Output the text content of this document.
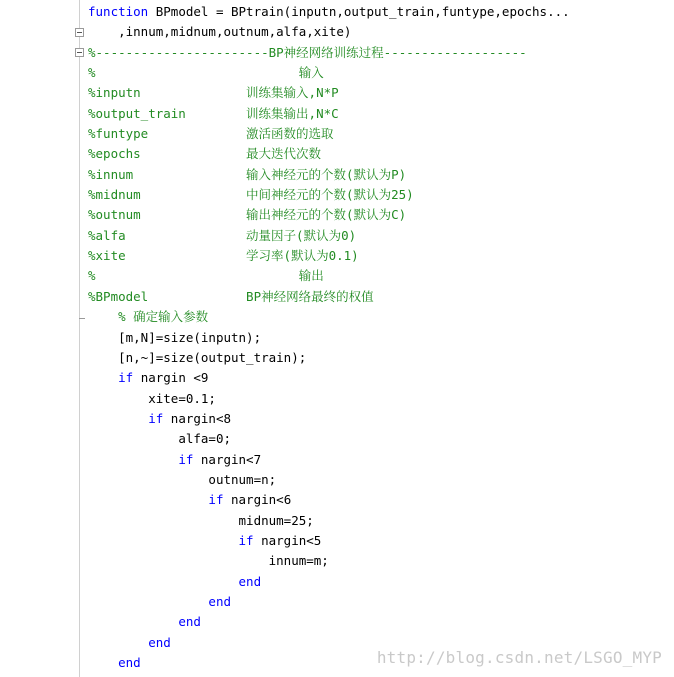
function BPmodel = BPtrain(inputn,output_train,funtype,epochs...
,innum,midnum,outnum,alfa,xite)
%-----------------------BP神经网络训练过程-------------------
%                           输入
%inputn              训练集输入,N*P
%output_train        训练集输出,N*C
%funtype             激活函数的选取
%epochs              最大迭代次数
%innum               输入神经元的个数(默认为P)
%midnum              中间神经元的个数(默认为25)
%outnum              输出神经元的个数(默认为C)
%alfa                动量因子(默认为0)
%xite                学习率(默认为0.1)
%                           输出
%BPmodel             BP神经网络最终的权值
% 确定输入参数
[m,N]=size(inputn);
[n,~]=size(output_train);
if nargin <9
xite=0.1;
if nargin<8
alfa=0;
if nargin<7
outnum=n;
if nargin<6
midnum=25;
if nargin<5
innum=m;
end
end
end
end
end	http://blog.csdn.net/LSGO_MYP
